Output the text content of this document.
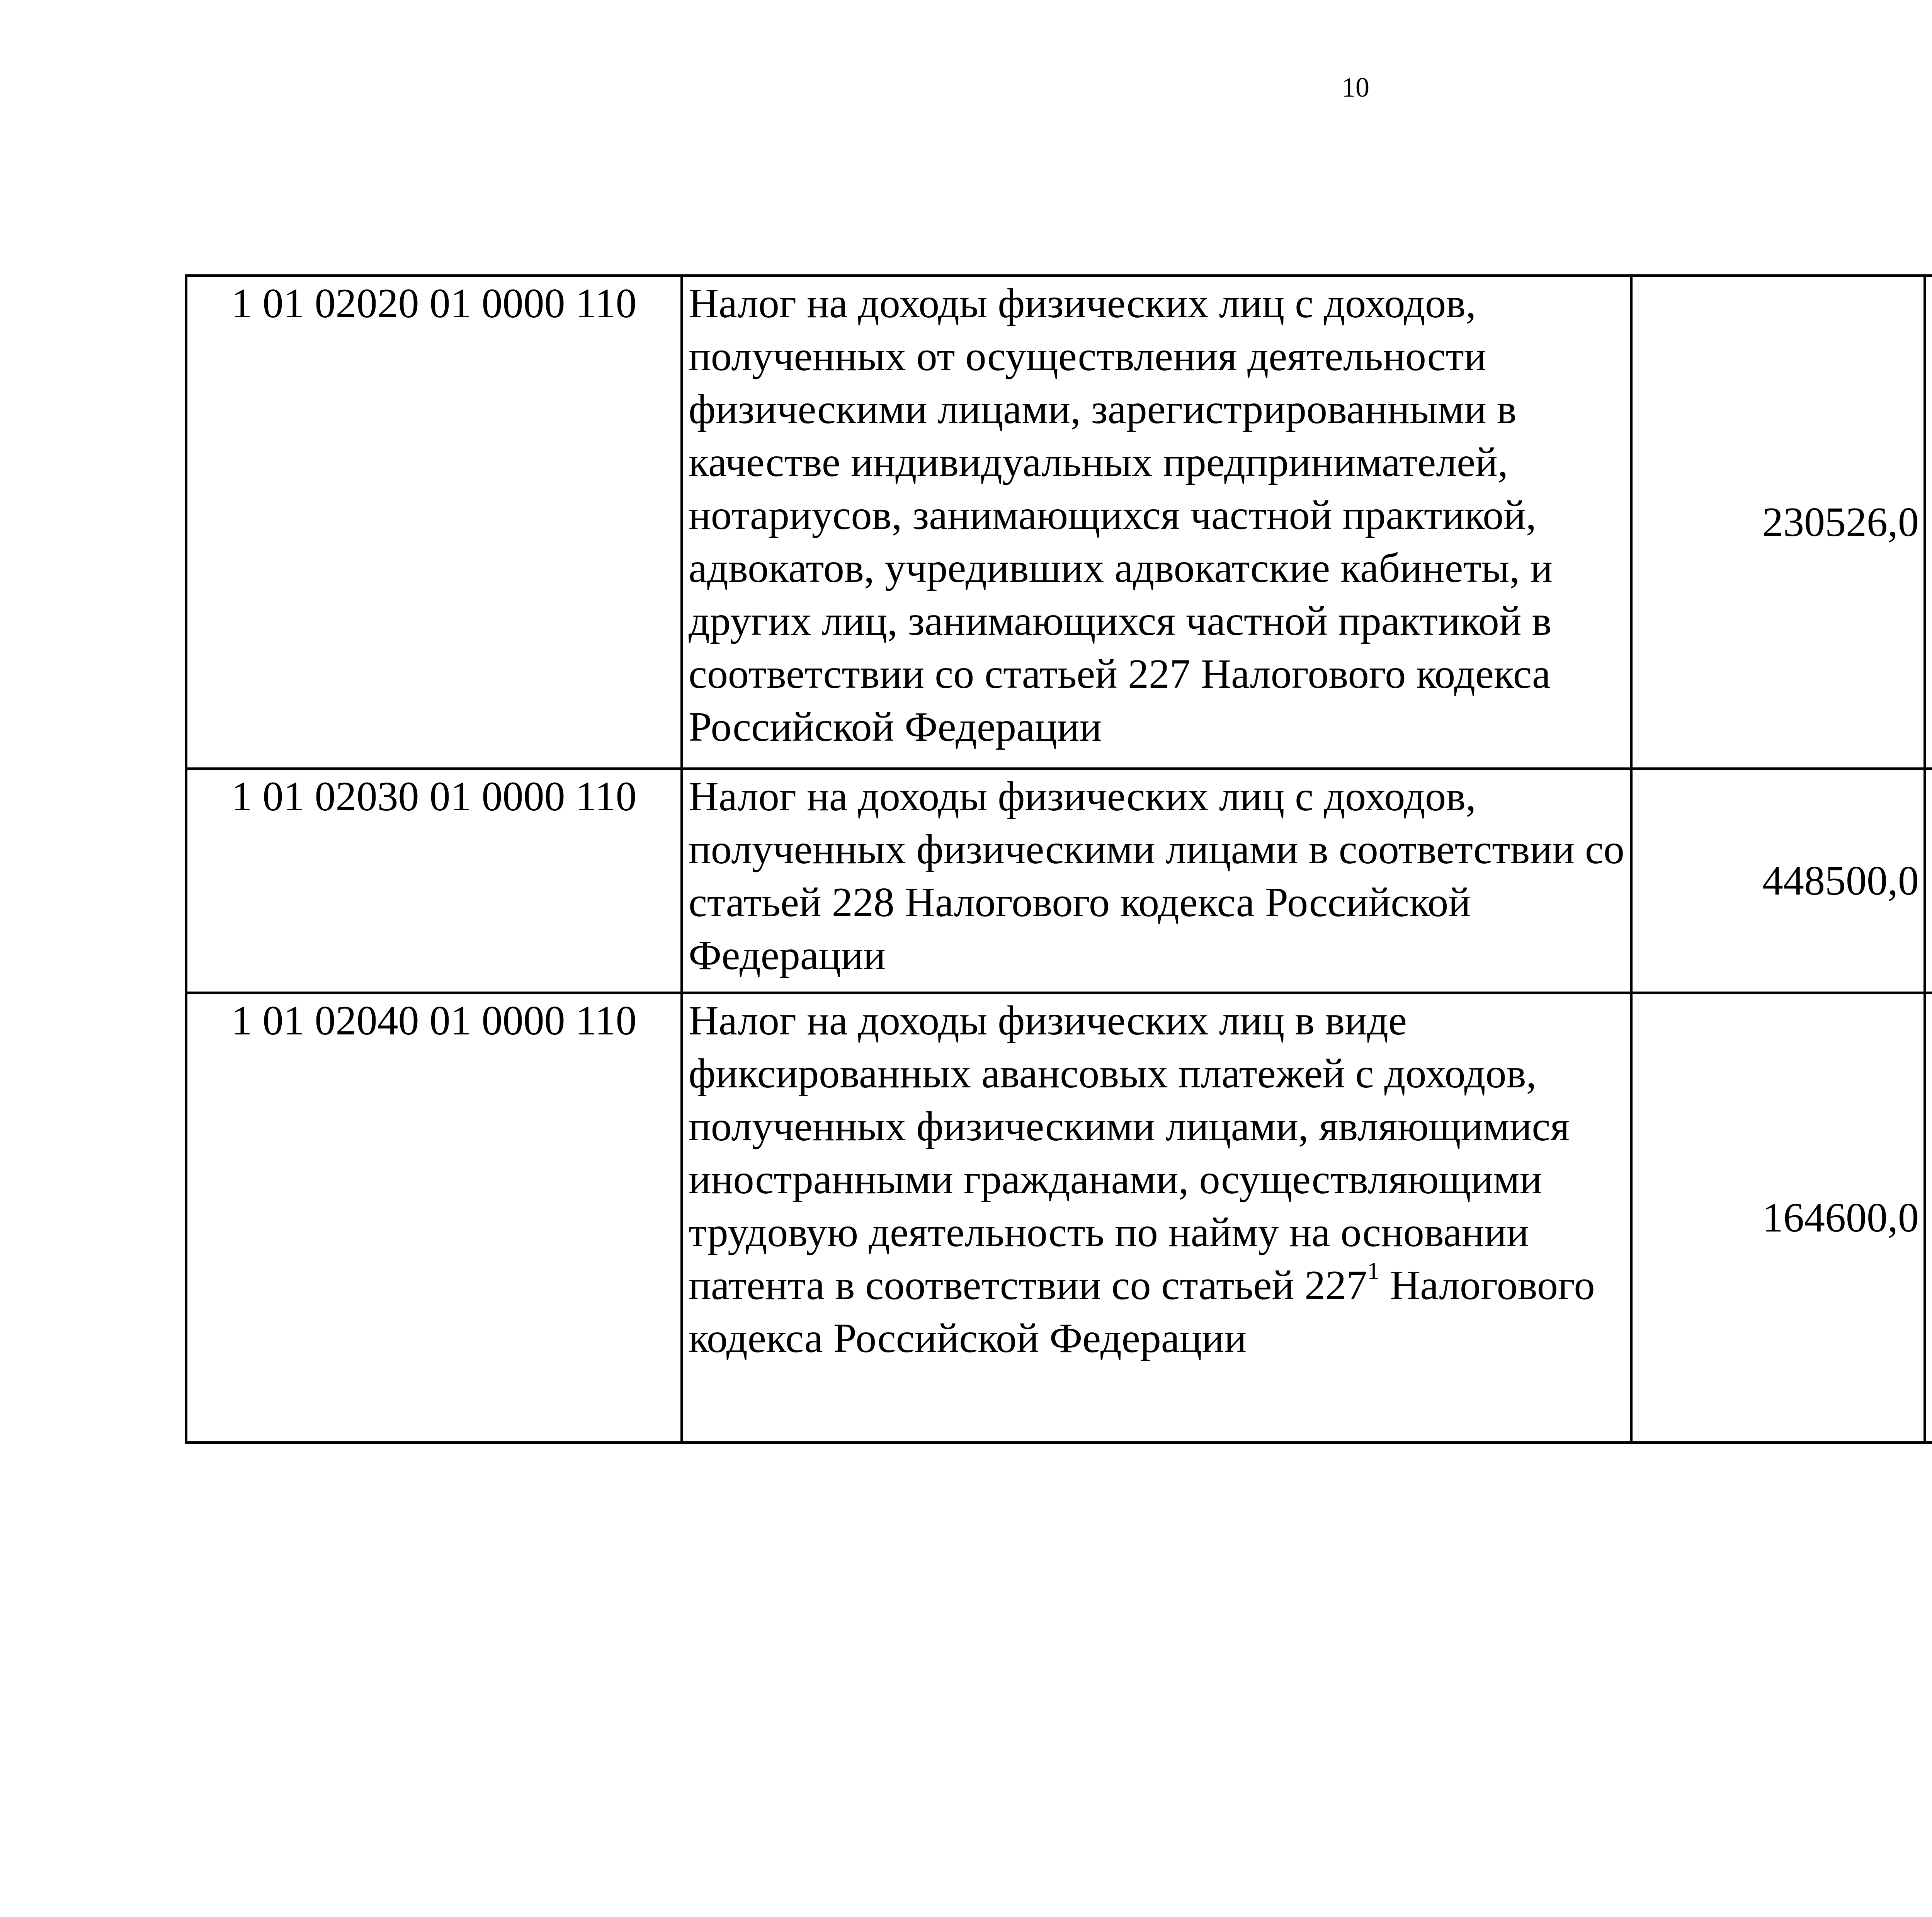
10
1 01 02020 01 0000 110	Налог на доходы физических лиц с доходов, полученных от осуществления деятельности физическими лицами, зарегистрированными в качестве индивидуальных предпринимателей, нотариусов, занимающихся частной практикой, адвокатов, учредивших адвокатские кабинеты, и других лиц, занимающихся частной практикой в соответствии со статьей 227 Налогового кодекса Российской Федерации	230526,0		
1 01 02030 01 0000 110	Налог на доходы физических лиц с доходов, полученных физическими лицами в соответствии со статьей 228 Налогового кодекса Российской Федерации	448500,0		
1 01 02040 01 0000 110	Налог на доходы физических лиц в виде фиксированных авансовых платежей с доходов, полученных физическими лицами, являющимися иностранными гражданами, осуществляющими трудовую деятельность по найму на основании патента в соответствии со статьей $227^1$ Налогового кодекса Российской Федерации	164600,0		
